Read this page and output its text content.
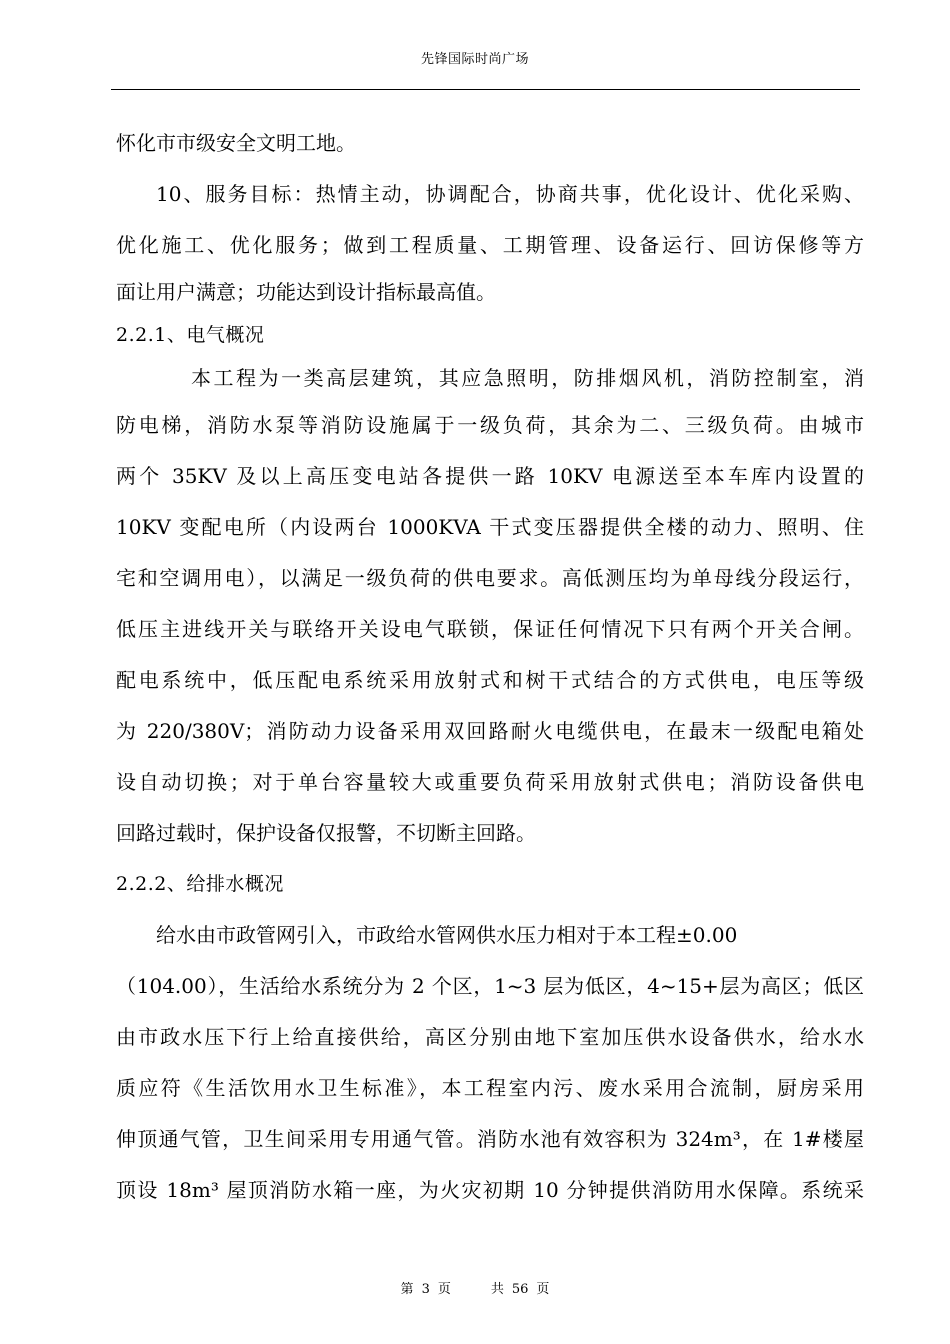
先锋国际时尚广场
怀化市市级安全文明工地。
10、服务目标：热情主动，协调配合，协商共事，优化设计、优化采购、
优化施工、优化服务；做到工程质量、工期管理、设备运行、回访保修等方
面让用户满意；功能达到设计指标最高值。
2.2.1、电气概况
本工程为一类高层建筑，其应急照明，防排烟风机，消防控制室，消
防电梯，消防水泵等消防设施属于一级负荷，其余为二、三级负荷。由城市
两个 35KV 及以上高压变电站各提供一路 10KV 电源送至本车库内设置的
10KV 变配电所（内设两台 1000KVA 干式变压器提供全楼的动力、照明、住
宅和空调用电），以满足一级负荷的供电要求。高低测压均为单母线分段运行，
低压主进线开关与联络开关设电气联锁，保证任何情况下只有两个开关合闸。
配电系统中，低压配电系统采用放射式和树干式结合的方式供电，电压等级
为 220/380V；消防动力设备采用双回路耐火电缆供电，在最末一级配电箱处
设自动切换；对于单台容量较大或重要负荷采用放射式供电；消防设备供电
回路过载时，保护设备仅报警，不切断主回路。
2.2.2、给排水概况
给水由市政管网引入，市政给水管网供水压力相对于本工程±0.00
（104.00），生活给水系统分为 2 个区，1~3 层为低区，4~15+层为高区；低区
由市政水压下行上给直接供给，高区分别由地下室加压供水设备供水，给水水
质应符《生活饮用水卫生标准》，本工程室内污、废水采用合流制，厨房采用
伸顶通气管，卫生间采用专用通气管。消防水池有效容积为 324m³，在 1#楼屋
顶设 18m³ 屋顶消防水箱一座，为火灾初期 10 分钟提供消防用水保障。系统采
第 3 页	共 56 页
